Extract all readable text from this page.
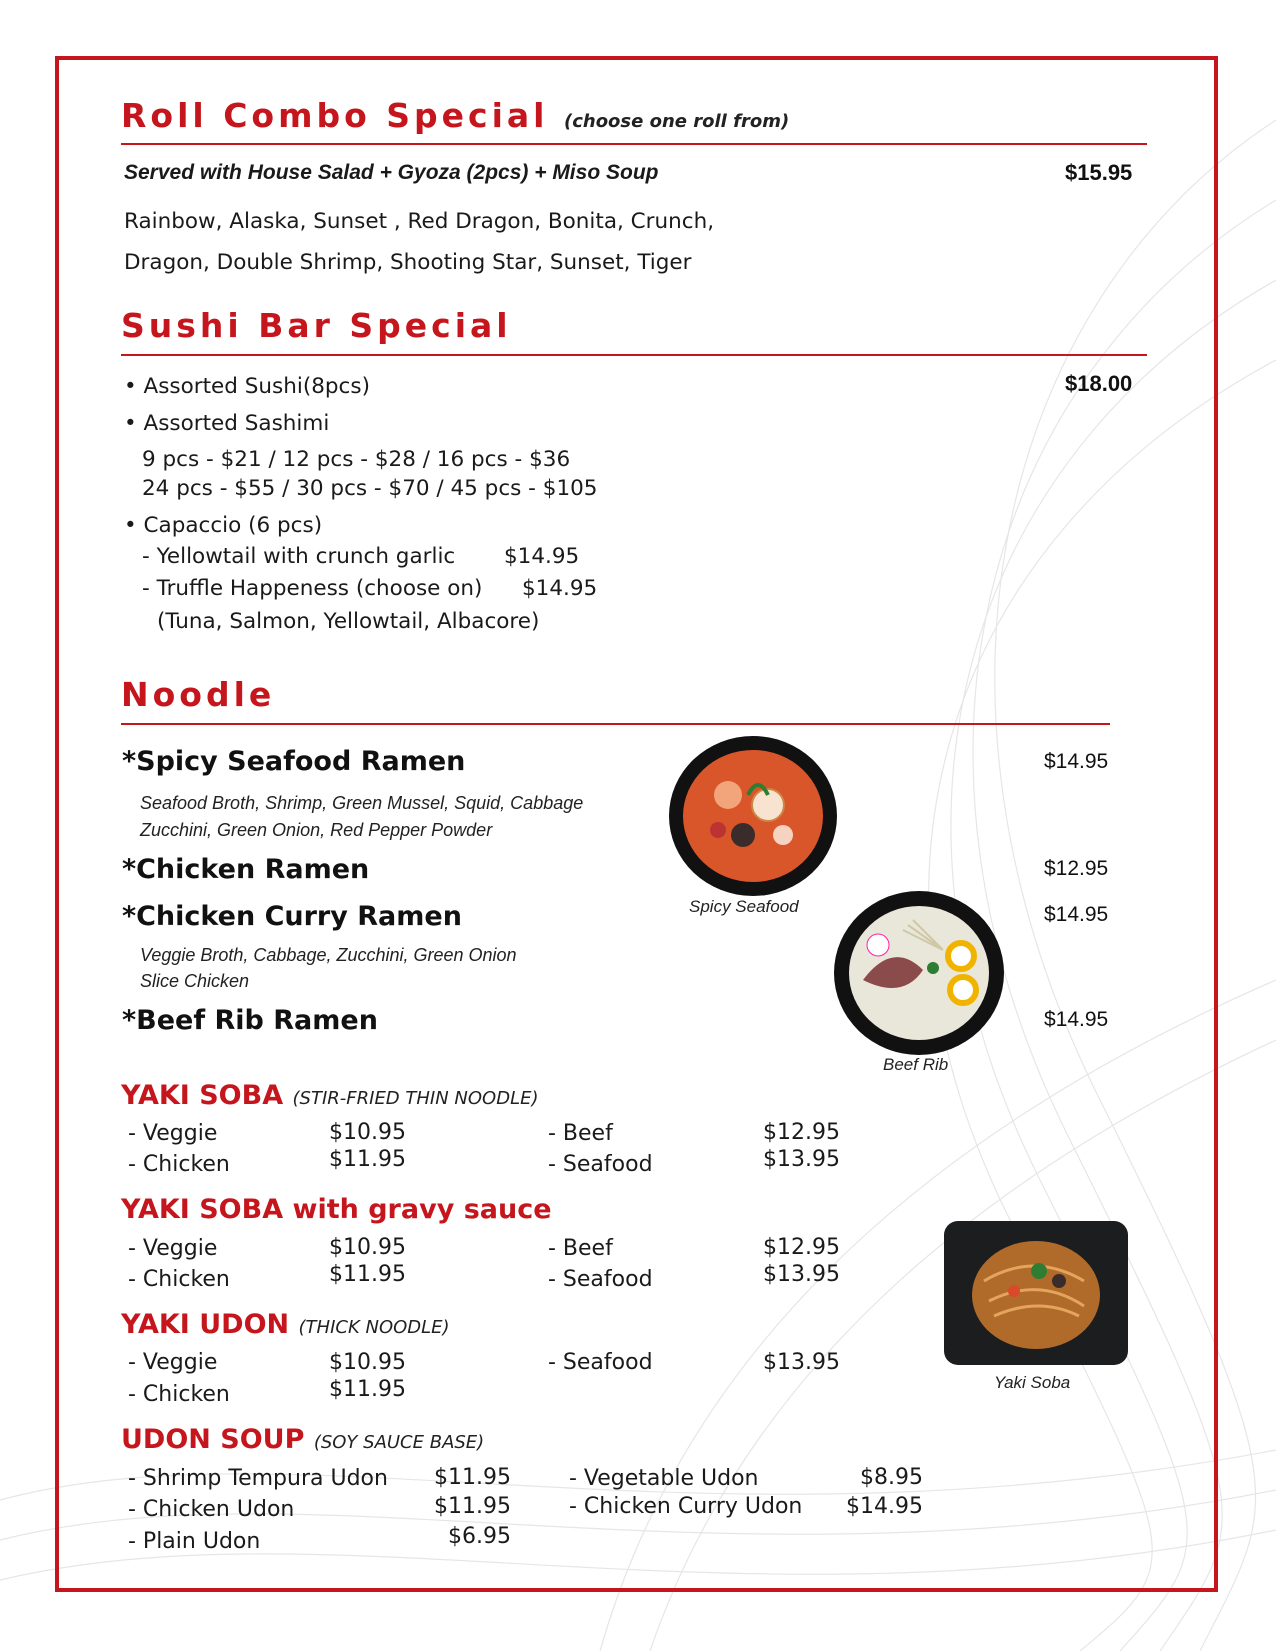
Roll Combo Special (choose one roll from)
Served with House Salad + Gyoza (2pcs) + Miso Soup	$15.95
Rainbow, Alaska, Sunset , Red Dragon, Bonita, Crunch,
Dragon, Double Shrimp, Shooting Star, Sunset, Tiger
Sushi Bar Special
$18.00
• Assorted Sushi(8pcs)
• Assorted Sashimi
9 pcs - $21 / 12 pcs - $28 / 16 pcs - $36
24 pcs - $55 / 30 pcs - $70 / 45 pcs - $105
• Capaccio (6 pcs)
- Yellowtail with crunch garlic $14.95
- Truffle Happeness (choose on) $14.95
(Tuna, Salmon, Yellowtail, Albacore)
Noodle
*Spicy Seafood Ramen	$14.95
Seafood Broth, Shrimp, Green Mussel, Squid, Cabbage
Zucchini, Green Onion, Red Pepper Powder
*Chicken Ramen	$12.95
*Chicken Curry Ramen	$14.95
Veggie Broth, Cabbage, Zucchini, Green Onion
Slice Chicken
*Beef Rib Ramen	$14.95
Spicy Seafood
Beef Rib
Yaki Soba
YAKI SOBA (STIR-FRIED THIN NOODLE)
- Veggie	$10.95
- Chicken	$11.95
- Beef	$12.95
- Seafood	$13.95
YAKI SOBA with gravy sauce
- Veggie	$10.95
- Chicken	$11.95
- Beef	$12.95
- Seafood	$13.95
YAKI UDON (THICK NOODLE)
- Veggie	$10.95
- Chicken	$11.95
- Seafood	$13.95
UDON SOUP (SOY SAUCE BASE)
- Shrimp Tempura Udon $11.95
- Chicken Udon	$11.95
- Plain Udon	$6.95
- Vegetable Udon	$8.95
- Chicken Curry Udon $14.95
